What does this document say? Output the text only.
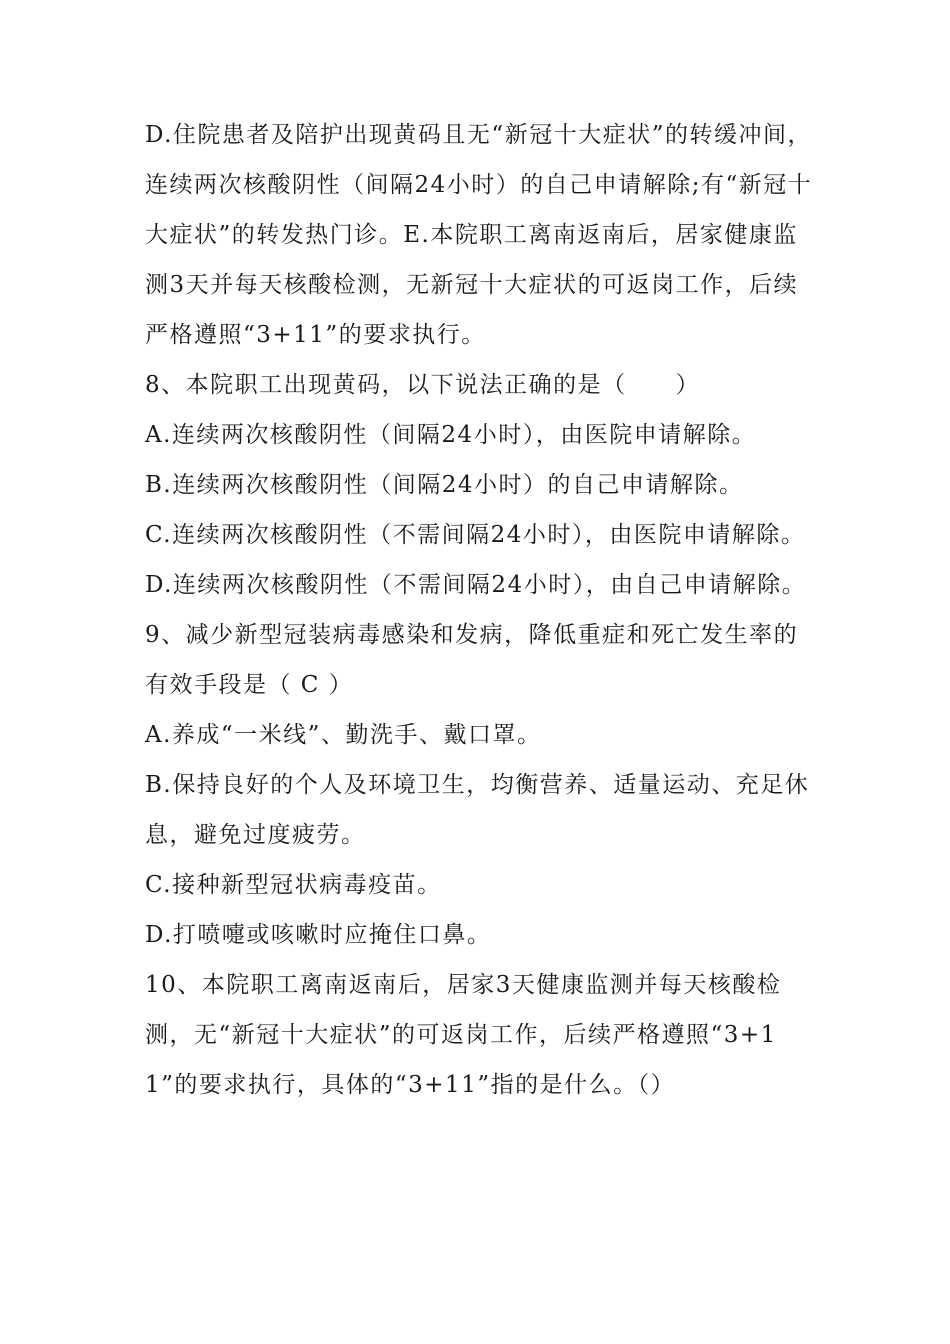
D.住院患者及陪护出现黄码且无“新冠十大症状”的转缓冲间，连续两次核酸阴性（间隔24小时）的自己申请解除;有“新冠十大症状”的转发热门诊。E.本院职工离南返南后，居家健康监测3天并每天核酸检测，无新冠十大症状的可返岗工作，后续严格遵照“3+11”的要求执行。

8、本院职工出现黄码，以下说法正确的是（　　）

A.连续两次核酸阴性（间隔24小时），由医院申请解除。

B.连续两次核酸阴性（间隔24小时）的自己申请解除。

C.连续两次核酸阴性（不需间隔24小时），由医院申请解除。

D.连续两次核酸阴性（不需间隔24小时），由自己申请解除。

9、减少新型冠装病毒感染和发病，降低重症和死亡发生率的有效手段是（ C ）

A.养成“一米线”、勤洗手、戴口罩。

B.保持良好的个人及环境卫生，均衡营养、适量运动、充足休息，避免过度疲劳。

C.接种新型冠状病毒疫苗。

D.打喷嚏或咳嗽时应掩住口鼻。

10、本院职工离南返南后，居家3天健康监测并每天核酸检测，无“新冠十大症状”的可返岗工作，后续严格遵照“3+11”的要求执行，具体的“3+11”指的是什么。（）
